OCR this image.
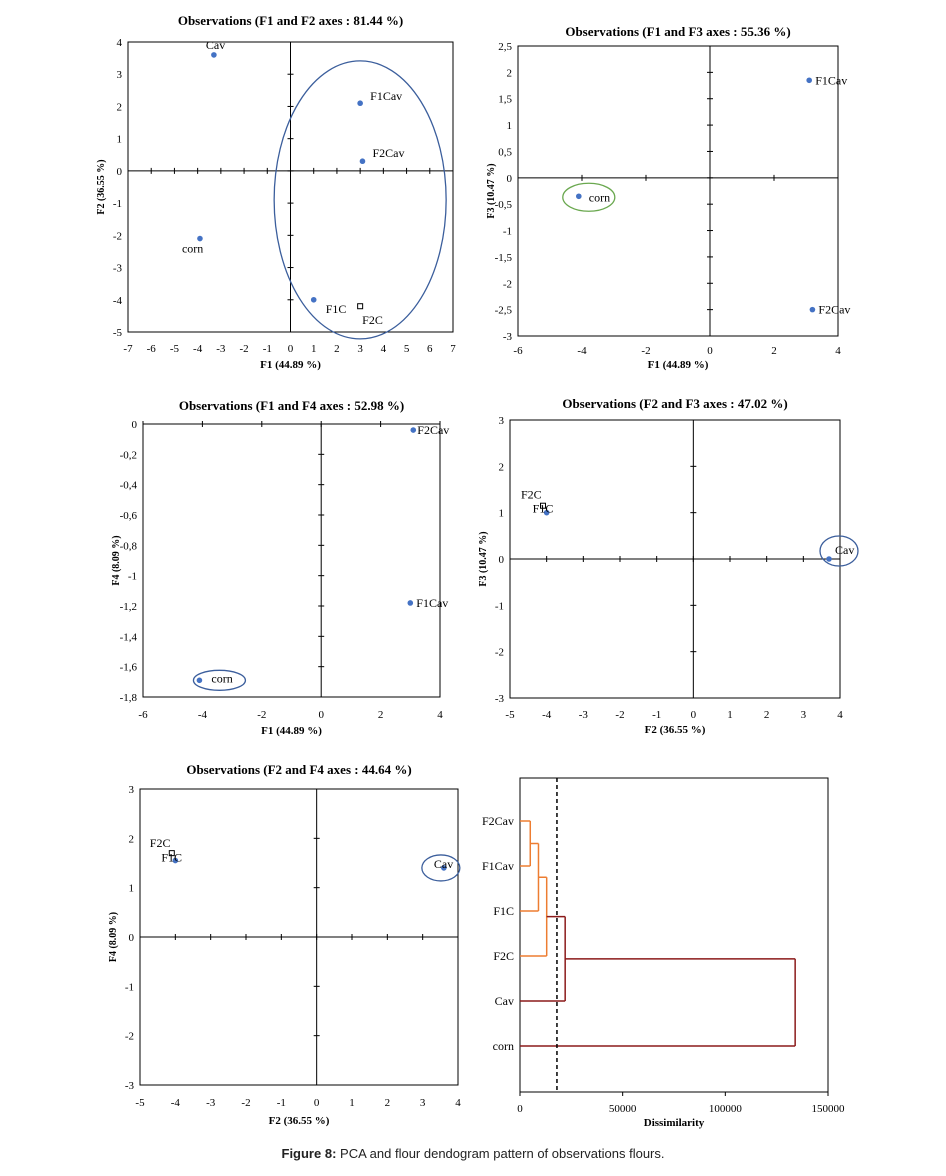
-7 -6 -5 -4 -3 -2 -1 0 1 2 3 4 5 6 7
-5
-4
-3
-2
-1
0
1
2
3
4
Observations (F1 and F2 axes : 81.44 %)
F1 (44.89 %)
F2 (36.55 %)
Cav
F1Cav
F2Cav
corn
F1C
F2C
-6	-4	-2	0	2	4
-3
-2,5
-2
-1,5
-1
-0,5
0
0,5
1
1,5
2
2,5
Observations (F1 and F3 axes : 55.36 %)
F1 (44.89 %)
F3 (10.47 %)
F1Cav
corn
F2Cav
-6	-4	-2	0	2	4
-1,8
-1,6
-1,4
-1,2
-1
-0,8
-0,6
-0,4
-0,2
0
Observations (F1 and F4 axes : 52.98 %)
F1 (44.89 %)
F4 (8.09 %)
F2Cav
F1Cav
corn
-5 -4 -3 -2 -1	0	1	2	3	4
-3
-2
-1
0
1
2
3
Observations (F2 and F3 axes : 47.02 %)
F2 (36.55 %)
F3 (10.47 %)
F2C
F1C
Cav
-5 -4 -3 -2 -1	0	1	2	3	4
-3
-2
-1
0
1
2
3
Observations (F2 and F4 axes : 44.64 %)
F2 (36.55 %)
F4 (8.09 %)
F2C
F1C	Cav
F2Cav
F1Cav
F1C
F2C
Cav
corn
0	50000	100000	150000
Dissimilarity
Figure 8: PCA and flour dendogram pattern of observations flours.
